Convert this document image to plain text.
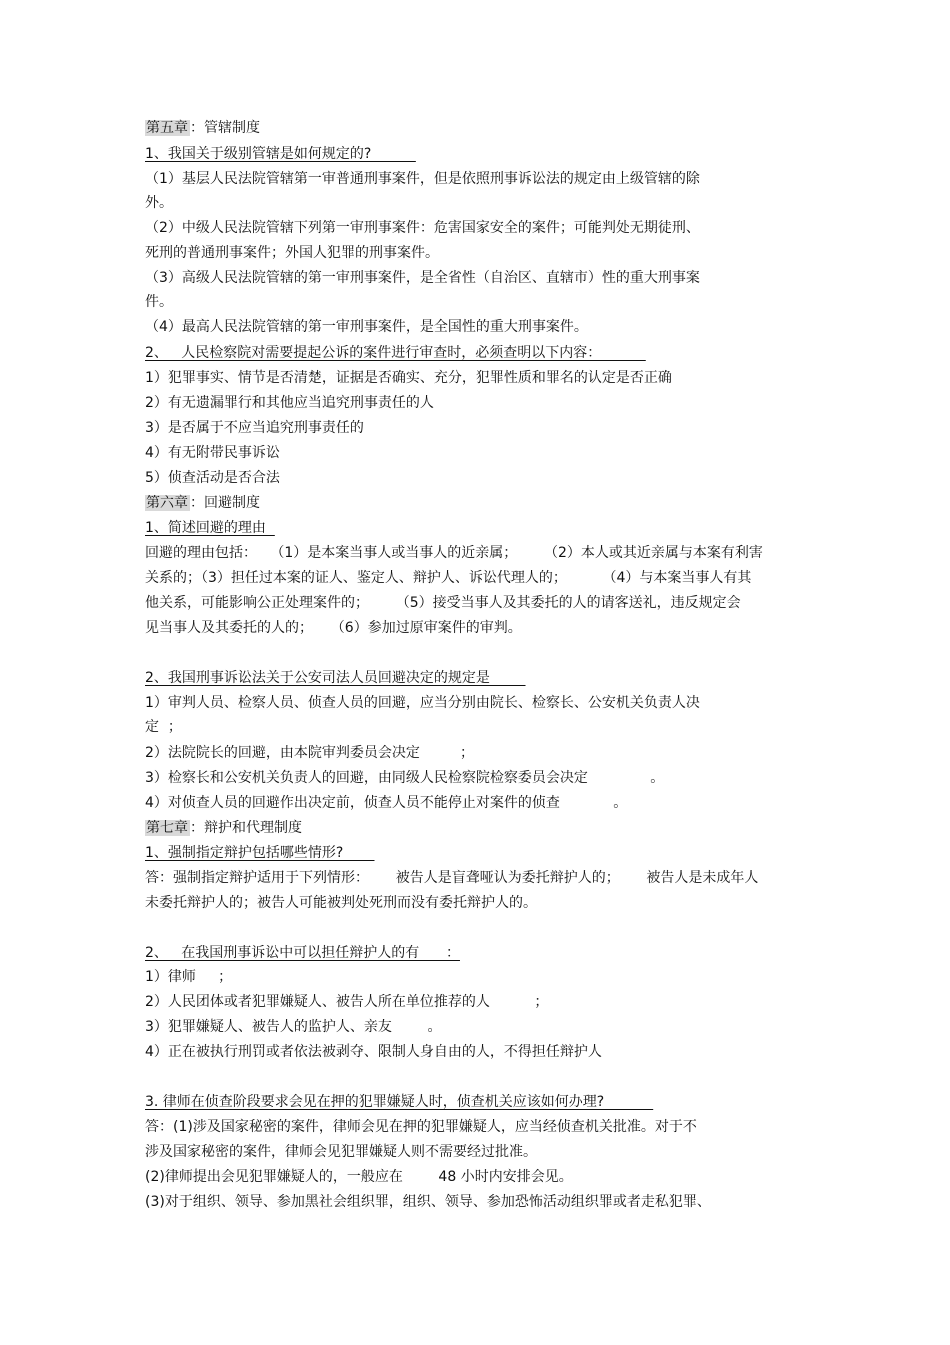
第五章 ：管辖制度
1、我国关于级别管辖是如何规定的?
（1）基层人民法院管辖第一审普通刑事案件，但是依照刑事诉讼法的规定由上级管辖的除
外。
（2）中级人民法院管辖下列第一审刑事案件：危害国家安全的案件；可能判处无期徒刑、
死刑的普通刑事案件；外国人犯罪的刑事案件。
（3）高级人民法院管辖的第一审刑事案件，是全省性（自治区、直辖市）性的重大刑事案
件。
（4）最高人民法院管辖的第一审刑事案件，是全国性的重大刑事案件。
2、   人民检察院对需要提起公诉的案件进行审查时，必须查明以下内容：
1）犯罪事实、情节是否清楚，证据是否确实、充分，犯罪性质和罪名的认定是否正确
2）有无遗漏罪行和其他应当追究刑事责任的人
3）是否属于不应当追究刑事责任的
4）有无附带民事诉讼
5）侦查活动是否合法
第六章 ：回避制度
1、简述回避的理由
回避的理由包括：   （1）是本案当事人或当事人的近亲属；      （2）本人或其近亲属与本案有利害
关系的；（3）担任过本案的证人、鉴定人、辩护人、诉讼代理人的；        （4）与本案当事人有其
他关系，可能影响公正处理案件的；      （5）接受当事人及其委托的人的请客送礼，违反规定会
见当事人及其委托的人的；    （6）参加过原审案件的审判。
2、我国刑事诉讼法关于公安司法人员回避决定的规定是
1）审判人员、检察人员、侦查人员的回避，应当分别由院长、检察长、公安机关负责人决
定  ；
2）法院院长的回避，由本院审判委员会决定         ；
3）检察长和公安机关负责人的回避，由同级人民检察院检察委员会决定              。
4）对侦查人员的回避作出决定前，侦查人员不能停止对案件的侦查            。
第七章 ：辩护和代理制度
1、强制指定辩护包括哪些情形?
答：强制指定辩护适用于下列情形：      被告人是盲聋哑认为委托辩护人的；      被告人是未成年人
未委托辩护人的；被告人可能被判处死刑而没有委托辩护人的。
2、   在我国刑事诉讼中可以担任辩护人的有      ：
1）律师     ；
2）人民团体或者犯罪嫌疑人、被告人所在单位推荐的人          ；
3）犯罪嫌疑人、被告人的监护人、亲友        。
4）正在被执行刑罚或者依法被剥夺、限制人身自由的人，不得担任辩护人
3. 律师在侦查阶段要求会见在押的犯罪嫌疑人时，侦查机关应该如何办理?
答：(1)涉及国家秘密的案件，律师会见在押的犯罪嫌疑人，应当经侦查机关批准。对于不
涉及国家秘密的案件，律师会见犯罪嫌疑人则不需要经过批准。
(2)律师提出会见犯罪嫌疑人的，一般应在        48 小时内安排会见。
(3)对于组织、领导、参加黑社会组织罪，组织、领导、参加恐怖活动组织罪或者走私犯罪、
